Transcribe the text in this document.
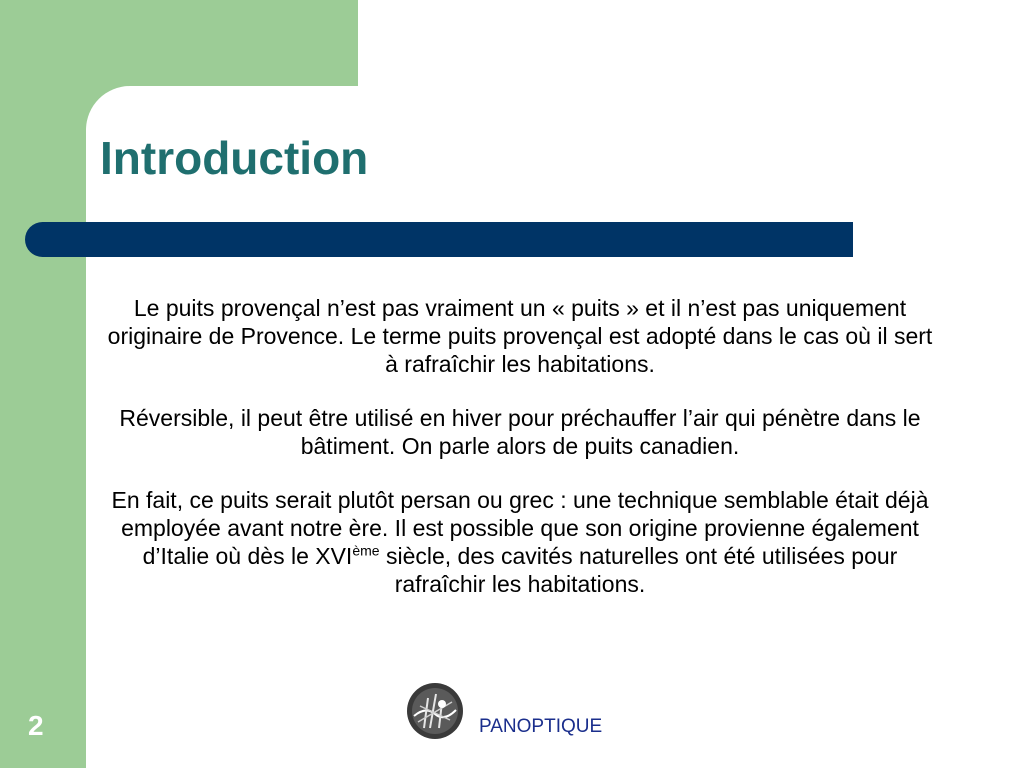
Introduction

Le puits provençal n’est pas vraiment un « puits » et il n’est pas uniquement originaire de Provence. Le terme puits provençal est adopté dans le cas où il sert à rafraîchir les habitations.

Réversible, il peut être utilisé en hiver pour préchauffer l’air qui pénètre dans le bâtiment. On parle alors de puits canadien.

En fait, ce puits serait plutôt persan ou grec : une technique semblable était déjà employée avant notre ère. Il est possible que son origine provienne également d’Italie où dès le XVIème siècle, des cavités naturelles ont été utilisées pour rafraîchir les habitations.

PANOPTIQUE
2
